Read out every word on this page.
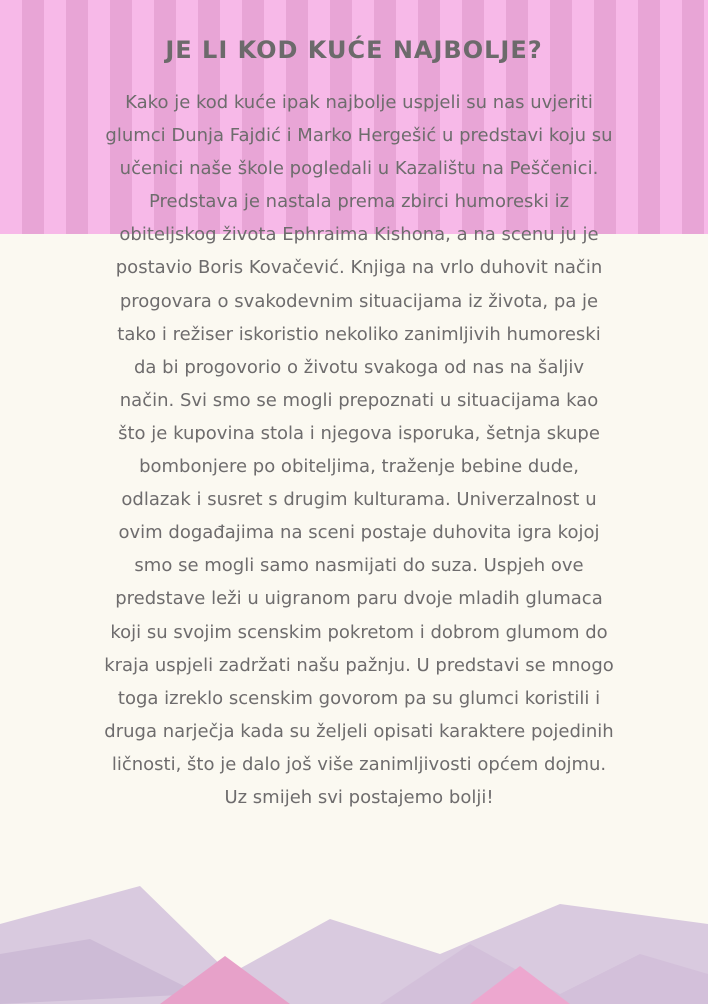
JE LI KOD KUĆE NAJBOLJE?

Kako je kod kuće ipak najbolje uspjeli su nas uvjeriti glumci Dunja Fajdić i Marko Hergešić u predstavi koju su učenici naše škole pogledali u Kazalištu na Peščenici. Predstava je nastala prema zbirci humoreski iz obiteljskog života Ephraima Kishona, a na scenu ju je postavio Boris Kovačević. Knjiga na vrlo duhovit način progovara o svakodevnim situacijama iz života, pa je tako i režiser iskoristio nekoliko zanimljivih humoreski da bi progovorio o životu svakoga od nas na šaljiv način. Svi smo se mogli prepoznati u situacijama kao što je kupovina stola i njegova isporuka, šetnja skupe bombonjere po obiteljima, traženje bebine dude, odlazak i susret s drugim kulturama. Univerzalnost u ovim događajima na sceni postaje duhovita igra kojoj smo se mogli samo nasmijati do suza. Uspjeh ove predstave leži u uigranom paru dvoje mladih glumaca koji su svojim scenskim pokretom i dobrom glumom do kraja uspjeli zadržati našu pažnju. U predstavi se mnogo toga izreklo scenskim govorom pa su glumci koristili i druga narječja kada su željeli opisati karaktere pojedinih ličnosti, što je dalo još više zanimljivosti općem dojmu. Uz smijeh svi postajemo bolji!
